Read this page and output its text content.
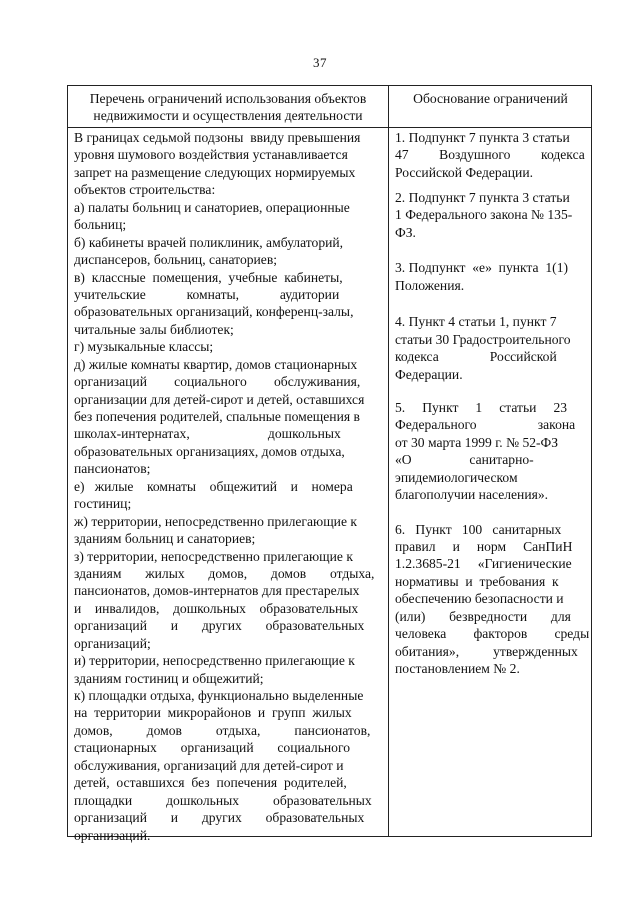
37
Перечень ограничений использования объектов
недвижимости и осуществления деятельности
Обоснование ограничений
В границах седьмой подзоны  ввиду превышения
уровня шумового воздействия устанавливается
запрет на размещение следующих нормируемых
объектов строительства:
а) палаты больниц и санаториев, операционные
больниц;
б) кабинеты врачей поликлиник, амбулаторий,
диспансеров, больниц, санаториев;
в)  классные  помещения,  учебные  кабинеты,
учительские            комнаты,            аудитории
образовательных организаций, конференц-залы,
читальные залы библиотек;
г) музыкальные классы;
д) жилые комнаты квартир, домов стационарных
организаций        социального        обслуживания,
организации для детей-сирот и детей, оставшихся
без попечения родителей, спальные помещения в
школах-интернатах,                       дошкольных
образовательных организациях, домов отдыха,
пансионатов;
е)   жилые    комнаты    общежитий    и    номера
гостиниц;
ж) территории, непосредственно прилегающие к
зданиям больниц и санаториев;
з) территории, непосредственно прилегающие к
зданиям       жилых       домов,       домов       отдыха,
пансионатов, домов-интернатов для престарелых
и    инвалидов,    дошкольных    образовательных
организаций       и       других       образовательных
организаций;
и) территории, непосредственно прилегающие к
зданиям гостиниц и общежитий;
к) площадки отдыха, функционально выделенные
на  территории  микрорайонов  и  групп  жилых
домов,          домов          отдыха,          пансионатов,
стационарных       организаций       социального
обслуживания, организаций для детей-сирот и
детей,  оставшихся  без  попечения  родителей,
площадки          дошкольных          образовательных
организаций       и       других       образовательных
организаций.
1. Подпункт 7 пункта 3 статьи
47         Воздушного         кодекса
Российской Федерации.
2. Подпункт 7 пункта 3 статьи
1 Федерального закона № 135-
ФЗ.
3. Подпункт  «е»  пункта  1(1)
Положения.
4. Пункт 4 статьи 1, пункт 7
статьи 30 Градостроительного
кодекса               Российской
Федерации.
5.     Пункт     1     статьи     23
Федерального                  закона
от 30 марта 1999 г. № 52-ФЗ
«О                 санитарно-
эпидемиологическом
благополучии населения».
6.   Пункт   100   санитарных
правил     и     норм     СанПиН
1.2.3685-21     «Гигиенические
нормативы  и  требования  к
обеспечению безопасности и
(или)       безвредности       для
человека        факторов        среды
обитания»,          утвержденных
постановлением № 2.
